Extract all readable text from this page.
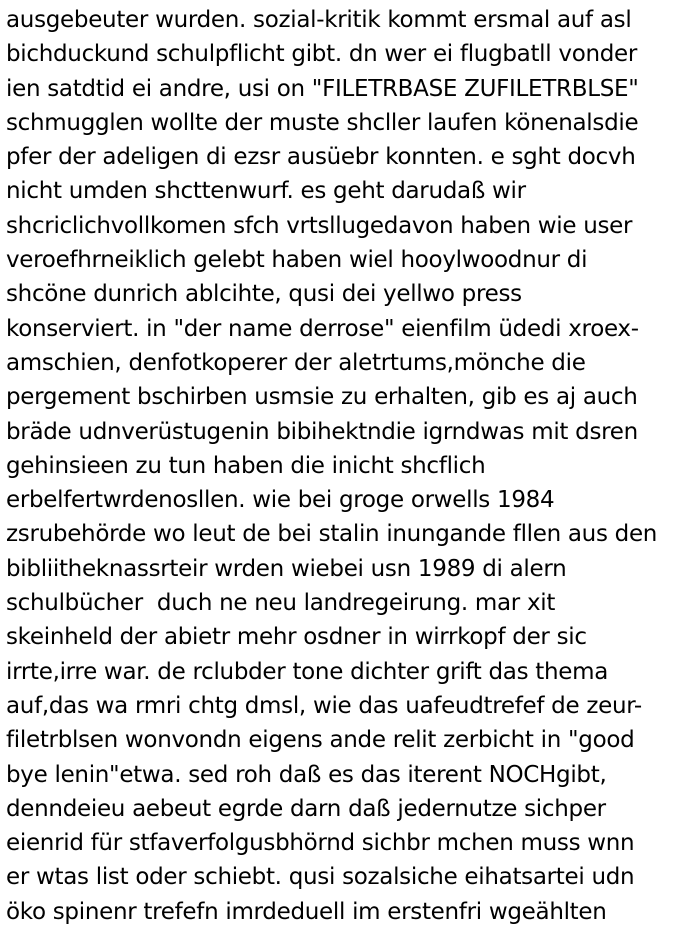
ausgebeuter wurden. sozial-kritik kommt ersmal auf asl
bichduckund schulpflicht gibt. dn wer ei flugbatll vonder
ien satdtid ei andre, usi on "FILETRBASE ZUFILETRBLSE"
schmugglen wollte der muste shcller laufen könenalsdie
pfer der adeligen di ezsr ausüebr konnten. e sght docvh
nicht umden shcttenwurf. es geht darudaß wir
shcriclichvollkomen sfch vrtsllugedavon haben wie user
veroefhrneiklich gelebt haben wiel hooylwoodnur di
shcöne dunrich ablcihte, qusi dei yellwo press
konserviert. in "der name derrose" eienfilm üdedi xroex-
amschien, denfotkoperer der aletrtums,mönche die
pergement bschirben usmsie zu erhalten, gib es aj auch
bräde udnverüstugenin bibihektndie igrndwas mit dsren
gehinsieen zu tun haben die inicht shcflich
erbelfertwrdenosllen. wie bei groge orwells 1984
zsrubehörde wo leut de bei stalin inungande fllen aus den
bibliitheknassrteir wrden wiebei usn 1989 di alern
schulbücher  duch ne neu landregeirung. mar xit
skeinheld der abietr mehr osdner in wirrkopf der sic
irrte,irre war. de rclubder tone dichter grift das thema
auf,das wa rmri chtg dmsl, wie das uafeudtrefef de zeur-
filetrblsen wonvondn eigens ande relit zerbicht in "good
bye lenin"etwa. sed roh daß es das iterent NOCHgibt,
denndeieu aebeut egrde darn daß jedernutze sichper
eienrid für stfaverfolgusbhörnd sichbr mchen muss wnn
er wtas list oder schiebt. qusi sozalsiche eihatsartei udn
öko spinenr trefefn imrdeduell im erstenfri wgeählten
